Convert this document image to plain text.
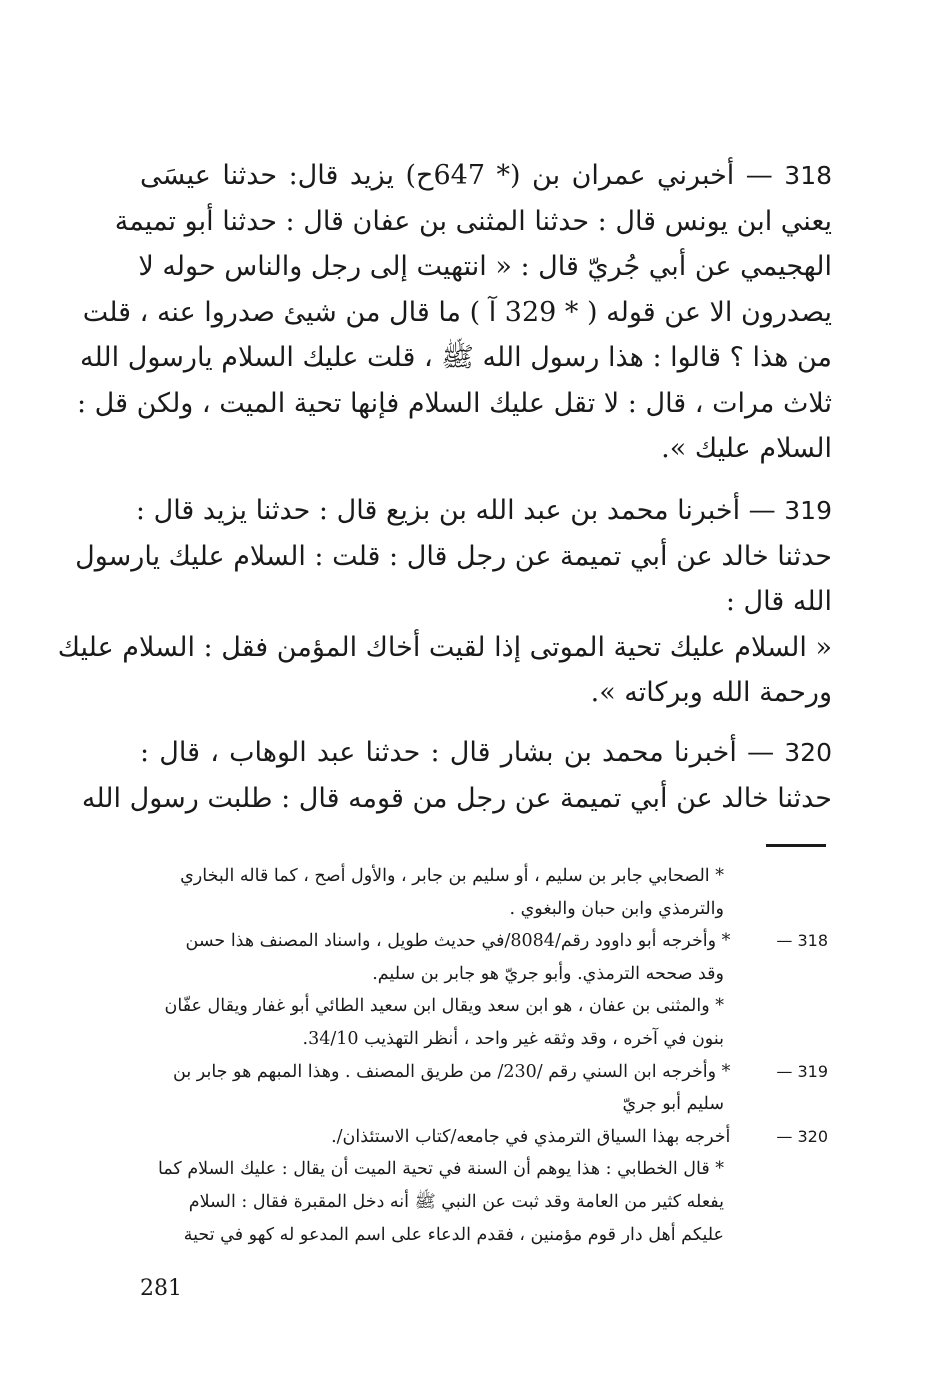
318 — أخبرني عمران بن (* 647ح) يزيد قال: حدثنا عيسَى
يعني ابن يونس قال : حدثنا المثنى بن عفان قال : حدثنا أبو تميمة
الهجيمي عن أبي جُريّ قال : « انتهيت إلى رجل والناس حوله لا
يصدرون الا عن قوله ( * 329 آ ) ما قال من شيئ صدروا عنه ، قلت
من هذا ؟ قالوا : هذا رسول الله ﷺ ، قلت عليك السلام يارسول الله
ثلاث مرات ، قال : لا تقل عليك السلام فإنها تحية الميت ، ولكن قل :
السلام عليك ».
319 — أخبرنا محمد بن عبد الله بن بزيع قال : حدثنا يزيد قال :
حدثنا خالد عن أبي تميمة عن رجل قال : قلت : السلام عليك يارسول
الله قال :
« السلام عليك تحية الموتى إذا لقيت أخاك المؤمن فقل : السلام عليك
ورحمة الله وبركاته ».
320 — أخبرنا محمد بن بشار قال : حدثنا عبد الوهاب ، قال :
حدثنا خالد عن أبي تميمة عن رجل من قومه قال : طلبت رسول الله
* الصحابي جابر بن سليم ، أو سليم بن جابر ، والأول أصح ، كما قاله البخاري
والترمذي وابن حبان والبغوي .
318 — * وأخرجه أبو داوود رقم/8084/في حديث طويل ، واسناد المصنف هذا حسن
وقد صححه الترمذي. وأبو جريّ هو جابر بن سليم.
* والمثنى بن عفان ، هو ابن سعد ويقال ابن سعيد الطائي أبو غفار ويقال عفّان
بنون في آخره ، وقد وثقه غير واحد ، أنظر التهذيب 34/10.
319 — * وأخرجه ابن السني رقم /230/ من طريق المصنف . وهذا المبهم هو جابر بن
سليم أبو جريّ
320 — أخرجه بهذا السياق الترمذي في جامعه/كتاب الاستئذان/.
* قال الخطابي : هذا يوهم أن السنة في تحية الميت أن يقال : عليك السلام كما
يفعله كثير من العامة وقد ثبت عن النبي ﷺ أنه دخل المقبرة فقال : السلام
عليكم أهل دار قوم مؤمنين ، فقدم الدعاء على اسم المدعو له كهو في تحية
281
